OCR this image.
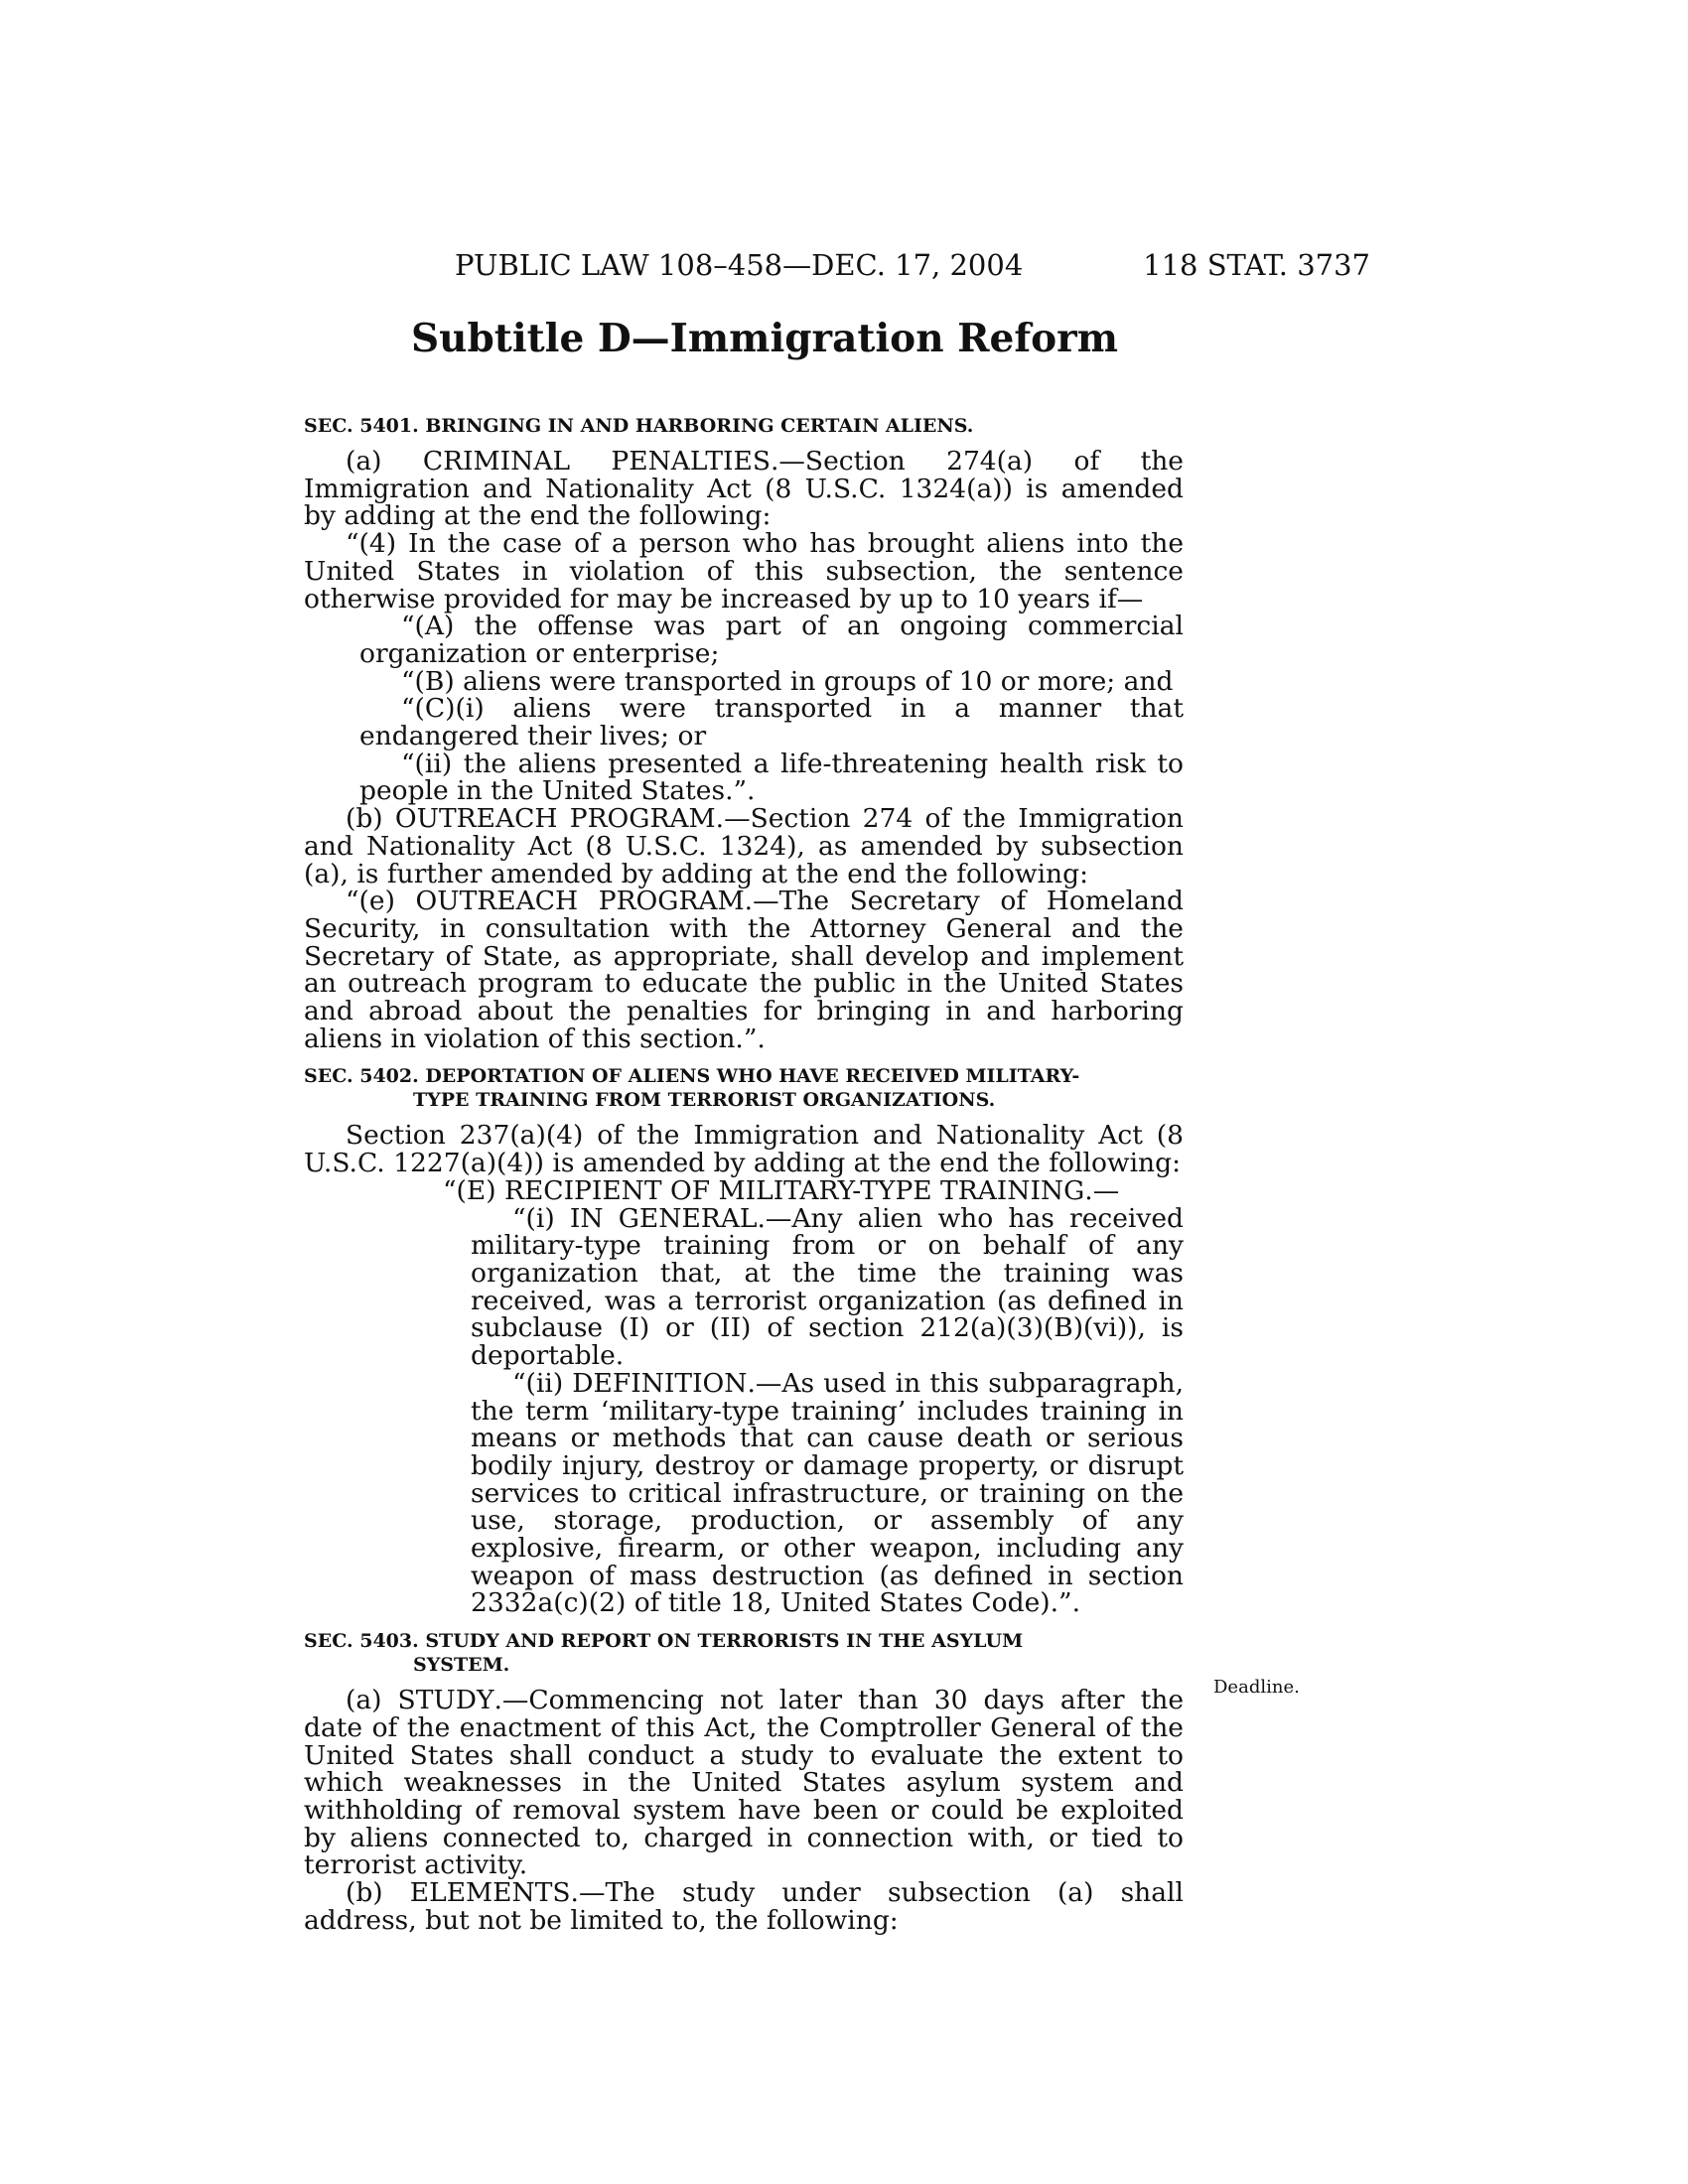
PUBLIC LAW 108–458—DEC. 17, 2004	118 STAT. 3737
Subtitle D—Immigration Reform
SEC. 5401. BRINGING IN AND HARBORING CERTAIN ALIENS.

(a) CRIMINAL PENALTIES.—Section 274(a) of the Immigration and Nationality Act (8 U.S.C. 1324(a)) is amended by adding at the end the following:

“(4) In the case of a person who has brought aliens into the United States in violation of this subsection, the sentence otherwise provided for may be increased by up to 10 years if—

“(A) the offense was part of an ongoing commercial organization or enterprise;

“(B) aliens were transported in groups of 10 or more; and

“(C)(i) aliens were transported in a manner that endangered their lives; or

“(ii) the aliens presented a life-threatening health risk to people in the United States.”.

(b) OUTREACH PROGRAM.—Section 274 of the Immigration and Nationality Act (8 U.S.C. 1324), as amended by subsection (a), is further amended by adding at the end the following:

“(e) OUTREACH PROGRAM.—The Secretary of Homeland Security, in consultation with the Attorney General and the Secretary of State, as appropriate, shall develop and implement an outreach program to educate the public in the United States and abroad about the penalties for bringing in and harboring aliens in violation of this section.”.

SEC. 5402. DEPORTATION OF ALIENS WHO HAVE RECEIVED MILITARY-
TYPE TRAINING FROM TERRORIST ORGANIZATIONS.

Section 237(a)(4) of the Immigration and Nationality Act (8 U.S.C. 1227(a)(4)) is amended by adding at the end the following:

“(E) RECIPIENT OF MILITARY-TYPE TRAINING.—

“(i) IN GENERAL.—Any alien who has received military-type training from or on behalf of any organization that, at the time the training was received, was a terrorist organization (as defined in subclause (I) or (II) of section 212(a)(3)(B)(vi)), is deportable.

“(ii) DEFINITION.—As used in this subparagraph, the term ‘military-type training’ includes training in means or methods that can cause death or serious bodily injury, destroy or damage property, or disrupt services to critical infrastructure, or training on the use, storage, production, or assembly of any explosive, firearm, or other weapon, including any weapon of mass destruction (as defined in section 2332a(c)(2) of title 18, United States Code).”.

SEC. 5403. STUDY AND REPORT ON TERRORISTS IN THE ASYLUM
SYSTEM.

(a) STUDY.—Commencing not later than 30 days after the date of the enactment of this Act, the Comptroller General of the United States shall conduct a study to evaluate the extent to which weaknesses in the United States asylum system and withholding of removal system have been or could be exploited by aliens connected to, charged in connection with, or tied to terrorist activity.

(b) ELEMENTS.—The study under subsection (a) shall address, but not be limited to, the following:

Deadline.
